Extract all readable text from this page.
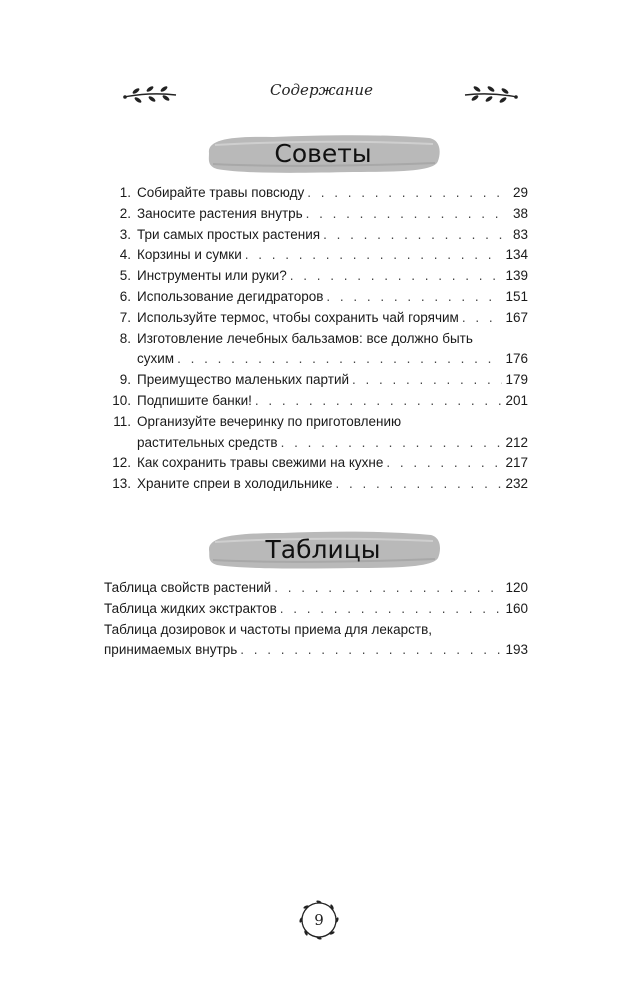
Содержание
Советы
1. Собирайте травы повсюду . . .	29
2. Заносите растения внутрь . . .	38
3. Три самых простых растения . . .	83
4. Корзины и сумки . . .	134
5. Инструменты или руки? . . .	139
6. Использование дегидраторов . . .	151
7. Используйте термос, чтобы сохранить чай горячим . . .	167
8. Изготовление лечебных бальзамов: все должно быть
сухим . . .	176
9. Преимущество маленьких партий . . .	179
10. Подпишите банки! . . .	201
11. Организуйте вечеринку по приготовлению
растительных средств . . .	212
12. Как сохранить травы свежими на кухне . . .	217
13. Храните спреи в холодильнике . . .	232
Таблицы
Таблица свойств растений . . .	120
Таблица жидких экстрактов . . .	160
Таблица дозировок и частоты приема для лекарств,
принимаемых внутрь . . .	193
9
